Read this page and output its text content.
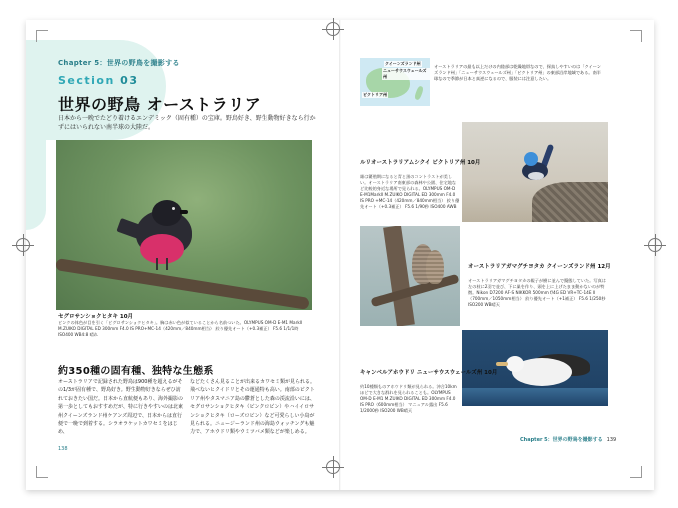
Chapter 5：世界の野鳥を撮影する
Section 03
世界の野鳥 オーストラリア
日本から一晩でたどり着けるエンデミック（固有種）の宝庫。野鳥好き、野生動物好きなら行かずにはいられない南半球の大陸だ。
セグロサンショクヒタキ 10月
ピンクの体色が目を引く「ピグロサンショクヒタキ」。胸は赤い色が似ていることから名前ついた。OLYMPUS OM-D E-M1 MarkII M.ZUIKO DIGITAL ED 300mm F4.0 IS PRO+MC-14（420mm／840mm相当） 絞り優先オート（+0.3補正） F5.6 1/1/1時 ISO400 WB4:8 晴れ
約350種の固有種、独特な生態系
オーストラリアで記録された野鳥は900種を超えるがその1/3が固有種で、野鳥好き。野生動物好きならぜひ訪れておきたい国だ。日本から直航便もあり、海外撮影の第一歩としてもおすすめだが、特に行きやすいのは北東州クイーンズランド州ケアンズ周辺で、日本からは直行便で一晩で到着する。シラオラケットカワセミをはじめ、
などたくさん見ることが出来るカワセミ類が見られる。飛べないヒクイドリとその運通特も高い。南部のビクトリア州やタスマニア島の鬱蒼とした森の渓流沿いには、セグロサンショクヒタキ（ピンクロビン）やハイイロサンショクヒタキ（ローズロビン）など可愛らしい小鳥が見られる。ニュージーランド州の海島ウォッチングも魅力で、アホウドリ類やウミツバメ類などが楽しめる。
138
Chapter 5：世界の野鳥を撮影する 139
クイーンズランド州
ニューサウスウェールズ州
ビクトリア州
オーストラリアの最も以上だけの内陸部は乾燥地帯なので、探鳥しやすいのは「クイーンズランド州」「ニューサウスウェールズ州」「ビクトリア州」の東部沿岸地域である。南半球なので季節が日本と真逆になるので、服装には注意したい。
ルリオーストラリアムシクイ ビクトリア州 10月
雄は繁殖期になると青と黒のコントラストが美しい。オーストラリア南東部の森林や公園、住宅地など比較的身近な場所で見られる。OLYMPUS OM-D E-M1MarkII M.ZUIKO DIGITAL ED 300mm F4.0 IS PRO +MC-14（420mm／840mm相当） 絞り優先オート（+0.3補正） F5.6 1/90秒 ISO400 AWB
オーストラリアガマグチヨタカ クイーンズランド州 12月
オーストラリアガマグチヨタカの親子が樹に並んで擬態していた。写真は左の枝に2羽で並び、下に巣を作り、頭を上に上げたまま動かないのが特徴。Nikon D7200 AF-S NIKKOR 500mm f/4G ED VR+TC-14E II（700mm／1050mm相当） 絞り優先オート（+1補正） F5.6 1/250秒 ISO200 WB晴天
キャンベルアホウドリ ニューサウスウェールズ州 10月
約10種類ものアホウドリ類が見られる。沖合10kmほどで大きな群れを見られることも。OLYMPUS OM-D E-M1 M.ZUIKO DIGITAL ED 300mm F4.0 IS PRO（600mm相当） マニュアル露出 F5.6 1/2000秒 ISO200 WB晴天
